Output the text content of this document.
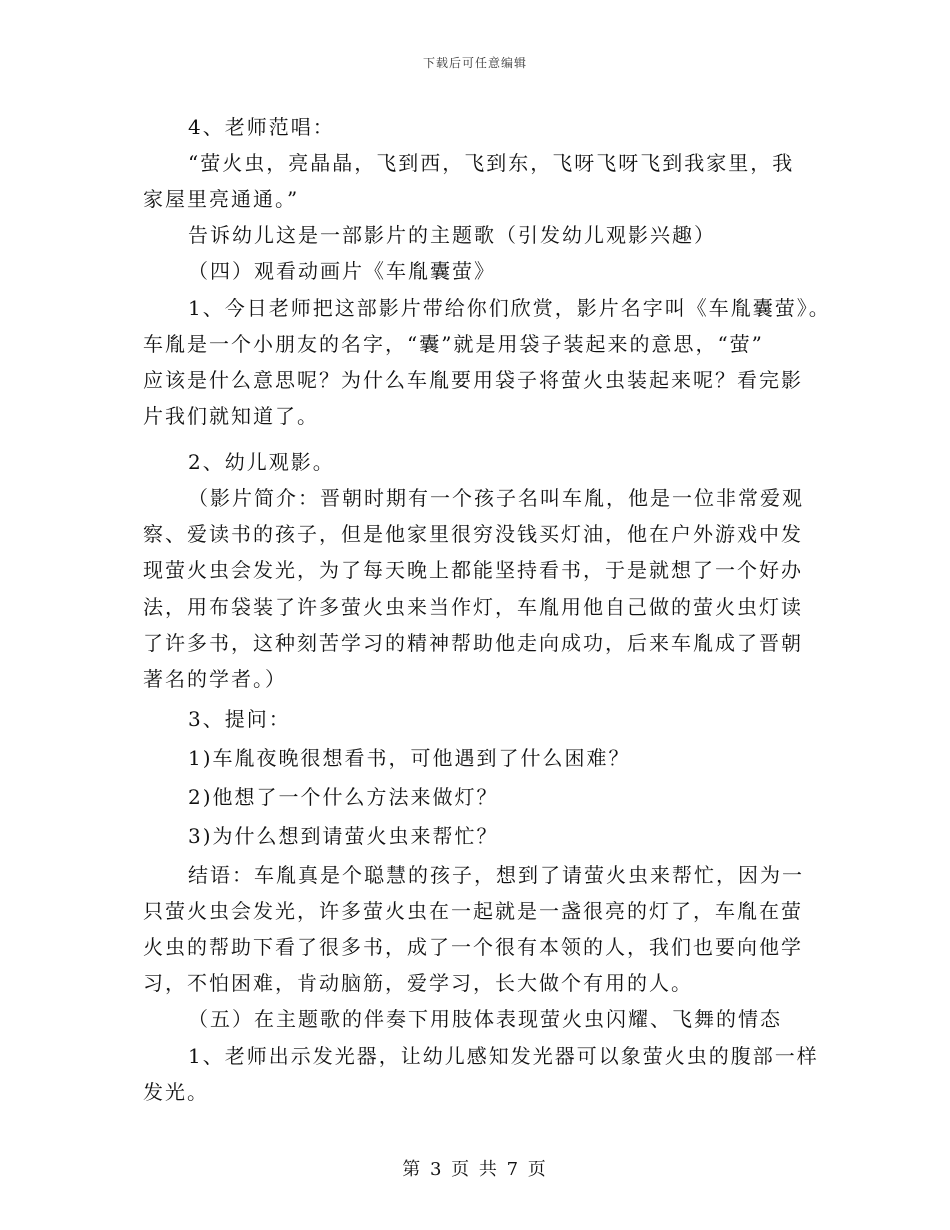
下载后可任意编辑
4、老师范唱：
“萤火虫，亮晶晶，飞到西，飞到东，飞呀飞呀飞到我家里，我
家屋里亮通通。”
告诉幼儿这是一部影片的主题歌（引发幼儿观影兴趣）
（四）观看动画片《车胤囊萤》
1、今日老师把这部影片带给你们欣赏，影片名字叫《车胤囊萤》。
车胤是一个小朋友的名字，“囊”就是用袋子装起来的意思，“萤”
应该是什么意思呢？为什么车胤要用袋子将萤火虫装起来呢？看完影
片我们就知道了。
2、幼儿观影。
（影片简介：晋朝时期有一个孩子名叫车胤，他是一位非常爱观
察、爱读书的孩子，但是他家里很穷没钱买灯油，他在户外游戏中发
现萤火虫会发光，为了每天晚上都能坚持看书，于是就想了一个好办
法，用布袋装了许多萤火虫来当作灯，车胤用他自己做的萤火虫灯读
了许多书，这种刻苦学习的精神帮助他走向成功，后来车胤成了晋朝
著名的学者。）
3、提问：
1)车胤夜晚很想看书，可他遇到了什么困难？
2)他想了一个什么方法来做灯？
3)为什么想到请萤火虫来帮忙？
结语：车胤真是个聪慧的孩子，想到了请萤火虫来帮忙，因为一
只萤火虫会发光，许多萤火虫在一起就是一盏很亮的灯了，车胤在萤
火虫的帮助下看了很多书，成了一个很有本领的人，我们也要向他学
习，不怕困难，肯动脑筋，爱学习，长大做个有用的人。
（五）在主题歌的伴奏下用肢体表现萤火虫闪耀、飞舞的情态
1、老师出示发光器，让幼儿感知发光器可以象萤火虫的腹部一样
发光。
第 3 页 共 7 页
